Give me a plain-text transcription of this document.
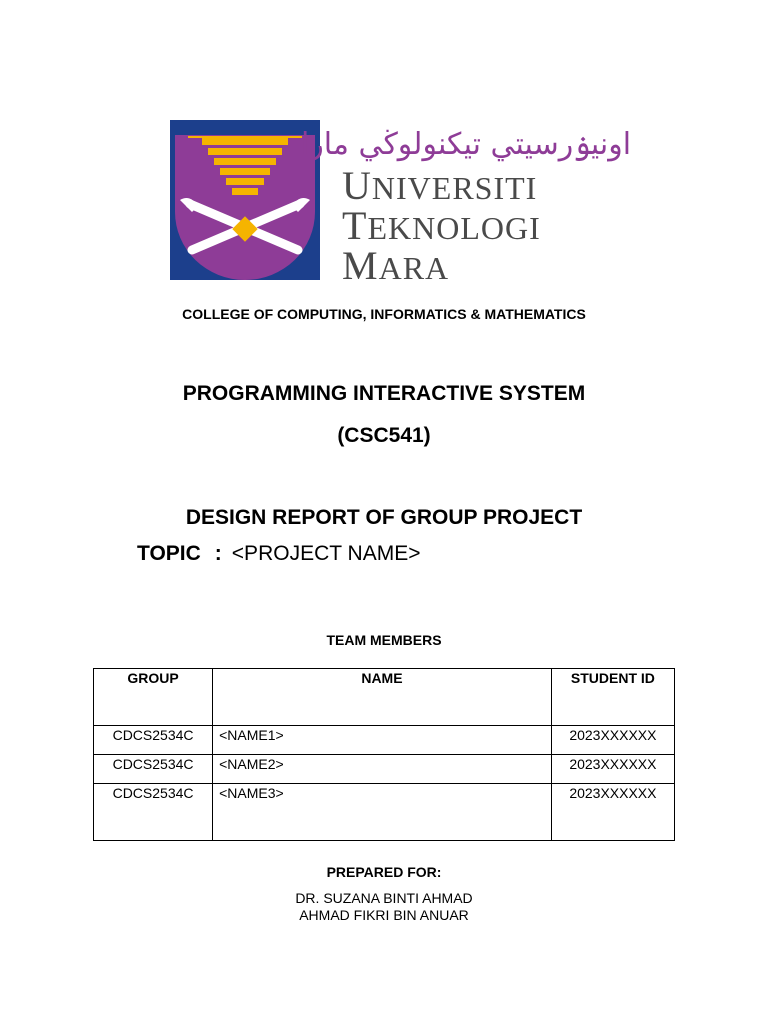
اونيۏرسيتي تيكنولوڬي مارا
UNIVERSITI
TEKNOLOGI
MARA

COLLEGE OF COMPUTING, INFORMATICS & MATHEMATICS

PROGRAMMING INTERACTIVE SYSTEM

(CSC541)

DESIGN REPORT OF GROUP PROJECT

TOPIC : <PROJECT NAME>

TEAM MEMBERS

GROUP	NAME	STUDENT ID
CDCS2534C	<NAME1>	2023XXXXXX
CDCS2534C	<NAME2>	2023XXXXXX
CDCS2534C	<NAME3>	2023XXXXXX

PREPARED FOR:

DR. SUZANA BINTI AHMAD

AHMAD FIKRI BIN ANUAR
